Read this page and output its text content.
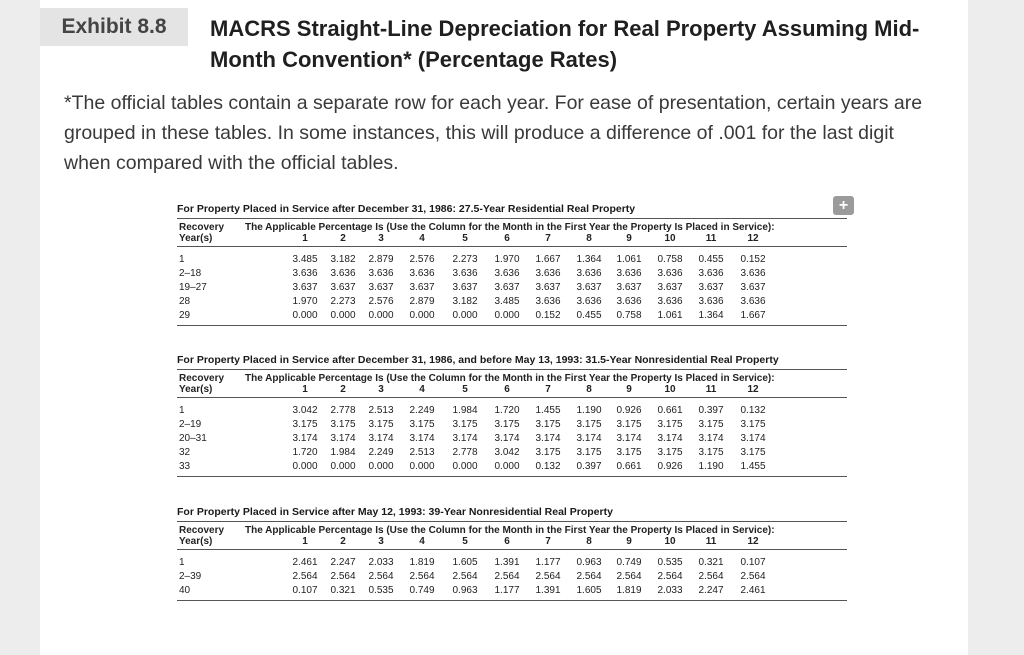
Exhibit 8.8	MACRS Straight-Line Depreciation for Real Property Assuming Mid-Month Convention* (Percentage Rates)
*The official tables contain a separate row for each year. For ease of presentation, certain years are grouped in these tables. In some instances, this will produce a difference of .001 for the last digit when compared with the official tables.
+
For Property Placed in Service after December 31, 1986: 27.5-Year Residential Real Property
Recovery
Year(s)
The Applicable Percentage Is (Use the Column for the Month in the First Year the Property Is Placed in Service):
1	2	3	4	5	6	7	8	9	10	11	12
1	3.485	3.182	2.879	2.576	2.273	1.970	1.667	1.364	1.061	0.758	0.455	0.152
2–18	3.636	3.636	3.636	3.636	3.636	3.636	3.636	3.636	3.636	3.636	3.636	3.636
19–27	3.637	3.637	3.637	3.637	3.637	3.637	3.637	3.637	3.637	3.637	3.637	3.637
28	1.970	2.273	2.576	2.879	3.182	3.485	3.636	3.636	3.636	3.636	3.636	3.636
29	0.000	0.000	0.000	0.000	0.000	0.000	0.152	0.455	0.758	1.061	1.364	1.667
For Property Placed in Service after December 31, 1986, and before May 13, 1993: 31.5-Year Nonresidential Real Property
Recovery
Year(s)
The Applicable Percentage Is (Use the Column for the Month in the First Year the Property Is Placed in Service):
1	2	3	4	5	6	7	8	9	10	11	12
1	3.042	2.778	2.513	2.249	1.984	1.720	1.455	1.190	0.926	0.661	0.397	0.132
2–19	3.175	3.175	3.175	3.175	3.175	3.175	3.175	3.175	3.175	3.175	3.175	3.175
20–31	3.174	3.174	3.174	3.174	3.174	3.174	3.174	3.174	3.174	3.174	3.174	3.174
32	1.720	1.984	2.249	2.513	2.778	3.042	3.175	3.175	3.175	3.175	3.175	3.175
33	0.000	0.000	0.000	0.000	0.000	0.000	0.132	0.397	0.661	0.926	1.190	1.455
For Property Placed in Service after May 12, 1993: 39-Year Nonresidential Real Property
Recovery
Year(s)
The Applicable Percentage Is (Use the Column for the Month in the First Year the Property Is Placed in Service):
1	2	3	4	5	6	7	8	9	10	11	12
1	2.461	2.247	2.033	1.819	1.605	1.391	1.177	0.963	0.749	0.535	0.321	0.107
2–39	2.564	2.564	2.564	2.564	2.564	2.564	2.564	2.564	2.564	2.564	2.564	2.564
40	0.107	0.321	0.535	0.749	0.963	1.177	1.391	1.605	1.819	2.033	2.247	2.461
